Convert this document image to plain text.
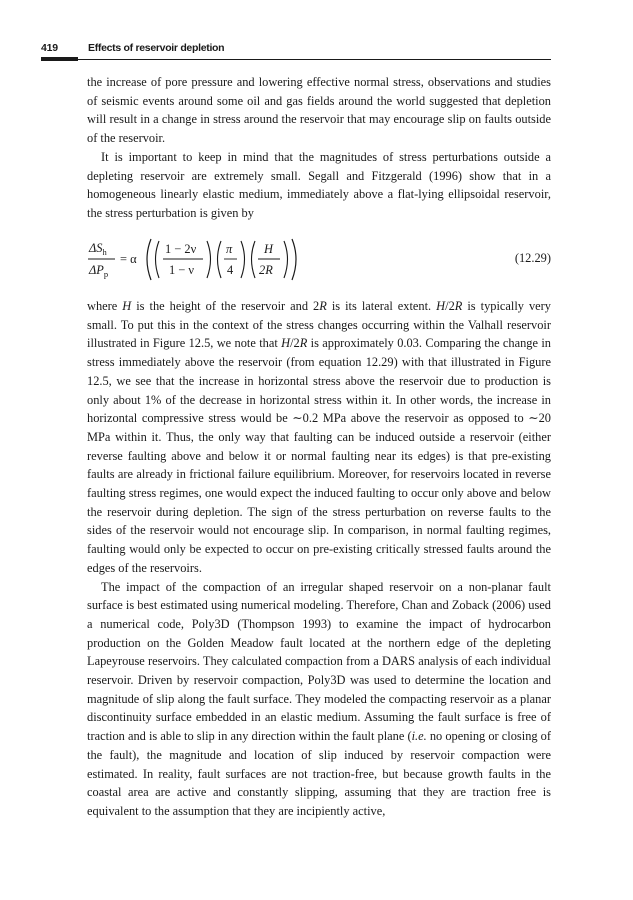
419	Effects of reservoir depletion

the increase of pore pressure and lowering effective normal stress, observations and studies of seismic events around some oil and gas fields around the world suggested that depletion will result in a change in stress around the reservoir that may encourage slip on faults outside of the reservoir.

It is important to keep in mind that the magnitudes of stress perturbations outside a depleting reservoir are extremely small. Segall and Fitzgerald (1996) show that in a homogeneous linearly elastic medium, immediately above a flat-lying ellipsoidal reservoir, the stress perturbation is given by

$\Delta S_h$
$\Delta P_p$
= α
1 − 2ν
1 − ν
π
4
H
2R
(12.29)

where H is the height of the reservoir and 2R is its lateral extent. H/2R is typically very small. To put this in the context of the stress changes occurring within the Valhall reservoir illustrated in Figure 12.5, we note that H/2R is approximately 0.03. Comparing the change in stress immediately above the reservoir (from equation 12.29) with that illustrated in Figure 12.5, we see that the increase in horizontal stress above the reservoir due to production is only about 1% of the decrease in horizontal stress within it. In other words, the increase in horizontal compressive stress would be ∼0.2 MPa above the reservoir as opposed to ∼20 MPa within it. Thus, the only way that faulting can be induced outside a reservoir (either reverse faulting above and below it or normal faulting near its edges) is that pre-existing faults are already in frictional failure equilibrium. Moreover, for reservoirs located in reverse faulting stress regimes, one would expect the induced faulting to occur only above and below the reservoir during depletion. The sign of the stress perturbation on reverse faults to the sides of the reservoir would not encourage slip. In comparison, in normal faulting regimes, faulting would only be expected to occur on pre-existing critically stressed faults around the edges of the reservoirs.

The impact of the compaction of an irregular shaped reservoir on a non-planar fault surface is best estimated using numerical modeling. Therefore, Chan and Zoback (2006) used a numerical code, Poly3D (Thompson 1993) to examine the impact of hydrocarbon production on the Golden Meadow fault located at the northern edge of the depleting Lapeyrouse reservoirs. They calculated compaction from a DARS analysis of each individual reservoir. Driven by reservoir compaction, Poly3D was used to determine the location and magnitude of slip along the fault surface. They modeled the compacting reservoir as a planar discontinuity surface embedded in an elastic medium. Assuming the fault surface is free of traction and is able to slip in any direction within the fault plane (i.e. no opening or closing of the fault), the magnitude and location of slip induced by reservoir compaction were estimated. In reality, fault surfaces are not traction-free, but because growth faults in the coastal area are active and constantly slipping, assuming that they are traction free is equivalent to the assumption that they are incipiently active,
